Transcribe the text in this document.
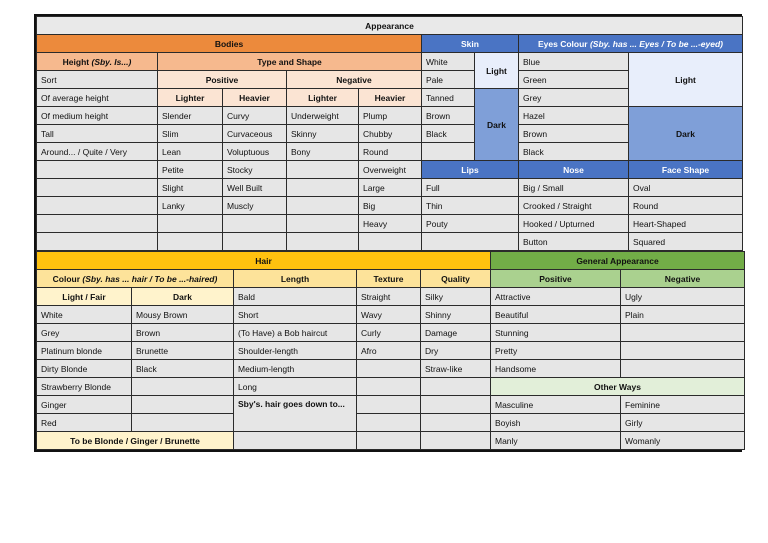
Appearance								
Bodies					Skin		Eyes Colour (Sby. has ... Eyes / To be ...-eyed)	
Height (Sby. Is...)	Type and Shape				White	Light	Blue	Light
Sort	Positive		Negative		Pale		Green	
Of average height	Lighter	Heavier	Lighter	Heavier	Tanned	Dark	Grey	
Of medium height	Slender	Curvy	Underweight	Plump	Brown		Hazel	Dark
Tall	Slim	Curvaceous	Skinny	Chubby	Black		Brown	
Around... / Quite / Very	Lean	Voluptuous	Bony	Round			Black	
	Petite	Stocky		Overweight	Lips		Nose	Face Shape
	Slight	Well Built		Large	Full		Big / Small	Oval
	Lanky	Muscly		Big	Thin		Crooked / Straight	Round
				Heavy	Pouty		Hooked / Upturned	Heart-Shaped
							Button	Squared
Hair					General Appearance	
Colour (Sby. has ... hair / To be ...-haired)		Length	Texture	Quality	Positive	Negative
Light / Fair	Dark	Bald	Straight	Silky	Attractive	Ugly
White	Mousy Brown	Short	Wavy	Shinny	Beautiful	Plain
Grey	Brown	(To Have) a Bob haircut	Curly	Damage	Stunning	
Platinum blonde	Brunette	Shoulder-length	Afro	Dry	Pretty	
Dirty Blonde	Black	Medium-length		Straw-like	Handsome	
Strawberry Blonde		Long			Other Ways	
Ginger		Sby's. hair goes down to...			Masculine	Feminine
Red					Boyish	Girly
To be Blonde / Ginger / Brunette					Manly	Womanly
